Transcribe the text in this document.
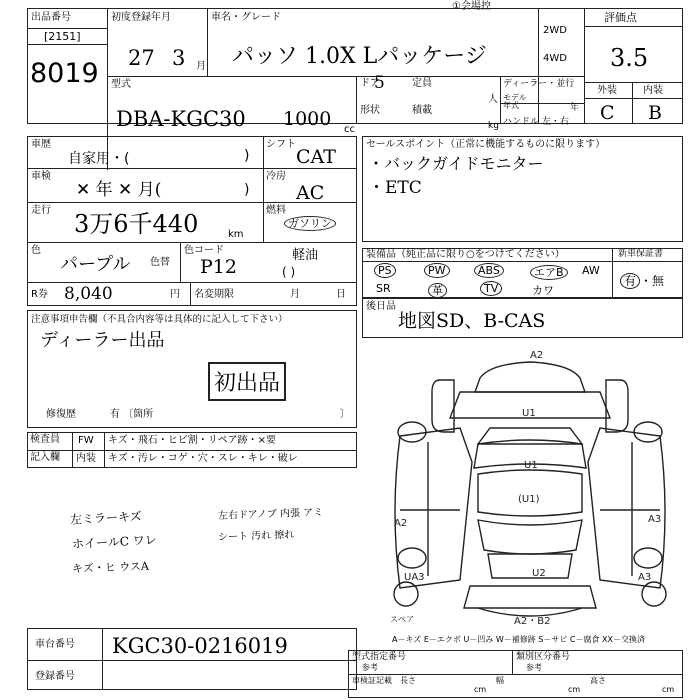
①会場控
出品番号
[2151]
8019
初度登録年月
27 3 月
車名・グレード
パッソ 1.0X Lパッケージ
2WD
4WD
評価点
3.5
型式
DBA-KGC30 1000 cc
ドア
5	定員
人
形状	積載
kg
ディーラー・並行
モデル年式	年
ハンドル 左・右
外装	内装
C B
車歴
自家用・(	)
シフト
CAT
車検
✕ 年 ✕ 月(	)
冷房
AC
走行 3万6千440	km
燃料
ガソリン
軽油
( )
色
パープル 色替
色コード
P12
R券 8,040	円 名変期限	月	日
セールスポイント（正常に機能するものに限ります）
・バックガイドモニター
・ETC
装備品（純正品に限り○をつけてください）	新車保証書
PS	PW	ABS	エアB	AW
SR	革	TV	カワ
有 ・無
注意事項申告欄（不具合内容等は具体的に記入して下さい）
ディーラー出品
初出品
修復歴	有 〔箇所	〕
後日品
地図SD、B-CAS
検査員
記入欄
FW キズ・飛石・ヒビ割・リペア跡・×要
内装 キズ・汚レ・コゲ・穴・スレ・キレ・破レ
左ミラーキズ
ホイールC ワレ
キズ・ヒ ウスA
左右ドアノブ 内張 アミ
シート 汚れ 擦れ
A2
U1
U1
(U1)
A2	A3
UA3	U2	A3
A2・B2
スペア
車台番号 KGC30-0216019
登録番号
A－キズ E－エクボ U－凹み W－補修跡 S－サビ C－腐食 XX－交換済
型式指定番号
参考
類別区分番号
参考
車検証記載 長さ
cm
幅
cm
高さ
cm
